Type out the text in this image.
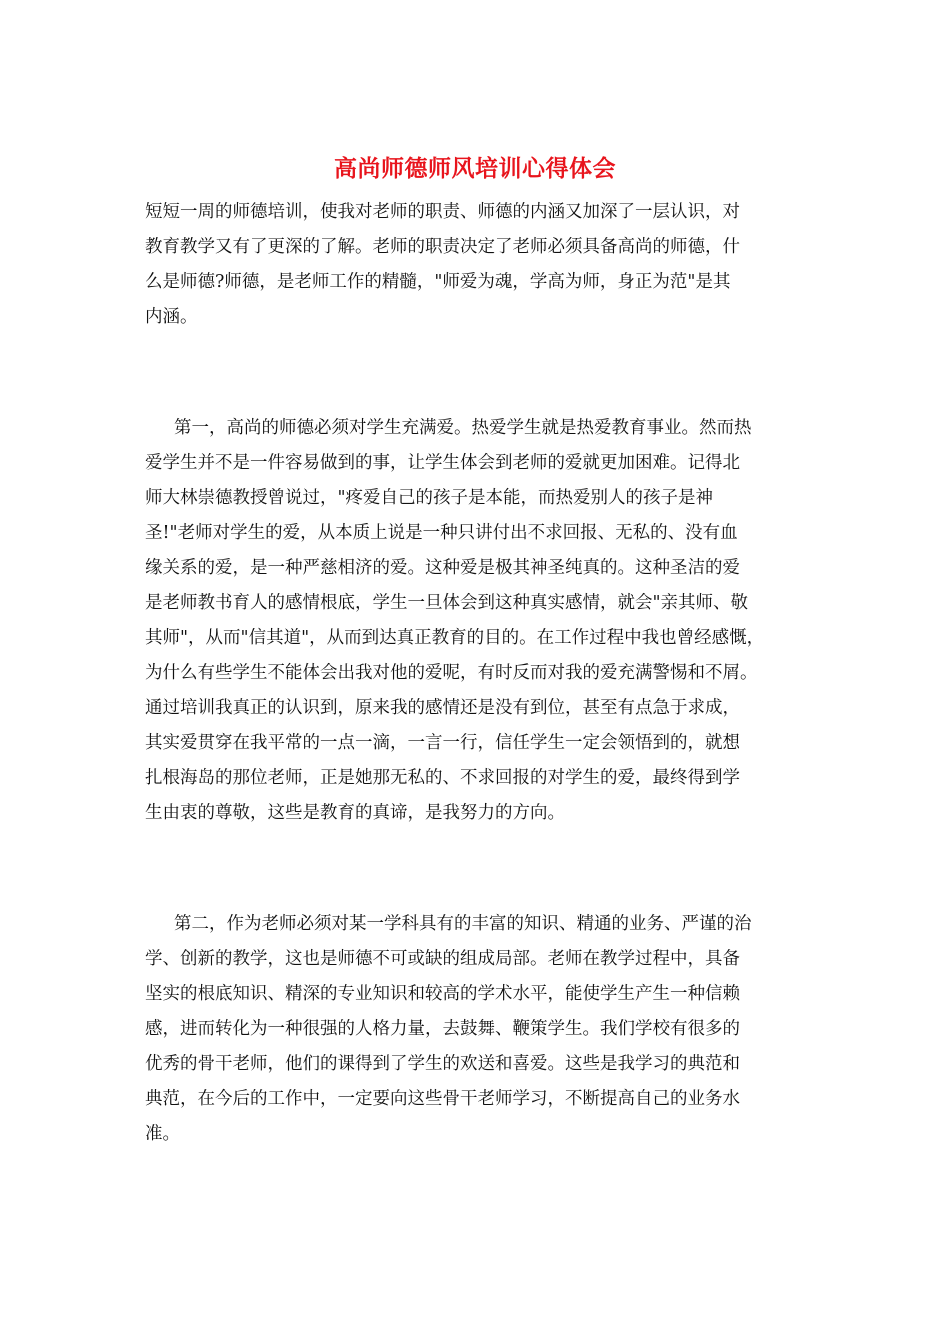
高尚师德师风培训心得体会
短短一周的师德培训，使我对老师的职责、师德的内涵又加深了一层认识，对
教育教学又有了更深的了解。老师的职责决定了老师必须具备高尚的师德，什
么是师德?师德，是老师工作的精髓，"师爱为魂，学高为师，身正为范"是其
内涵。
第一，高尚的师德必须对学生充满爱。热爱学生就是热爱教育事业。然而热
爱学生并不是一件容易做到的事，让学生体会到老师的爱就更加困难。记得北
师大林崇德教授曾说过，"疼爱自己的孩子是本能，而热爱别人的孩子是神
圣!"老师对学生的爱，从本质上说是一种只讲付出不求回报、无私的、没有血
缘关系的爱，是一种严慈相济的爱。这种爱是极其神圣纯真的。这种圣洁的爱
是老师教书育人的感情根底，学生一旦体会到这种真实感情，就会"亲其师、敬
其师"，从而"信其道"，从而到达真正教育的目的。在工作过程中我也曾经感慨，
为什么有些学生不能体会出我对他的爱呢，有时反而对我的爱充满警惕和不屑。
通过培训我真正的认识到，原来我的感情还是没有到位，甚至有点急于求成，
其实爱贯穿在我平常的一点一滴，一言一行，信任学生一定会领悟到的，就想
扎根海岛的那位老师，正是她那无私的、不求回报的对学生的爱，最终得到学
生由衷的尊敬，这些是教育的真谛，是我努力的方向。
第二，作为老师必须对某一学科具有的丰富的知识、精通的业务、严谨的治
学、创新的教学，这也是师德不可或缺的组成局部。老师在教学过程中，具备
坚实的根底知识、精深的专业知识和较高的学术水平，能使学生产生一种信赖
感，进而转化为一种很强的人格力量，去鼓舞、鞭策学生。我们学校有很多的
优秀的骨干老师，他们的课得到了学生的欢送和喜爱。这些是我学习的典范和
典范，在今后的工作中，一定要向这些骨干老师学习，不断提高自己的业务水
准。
